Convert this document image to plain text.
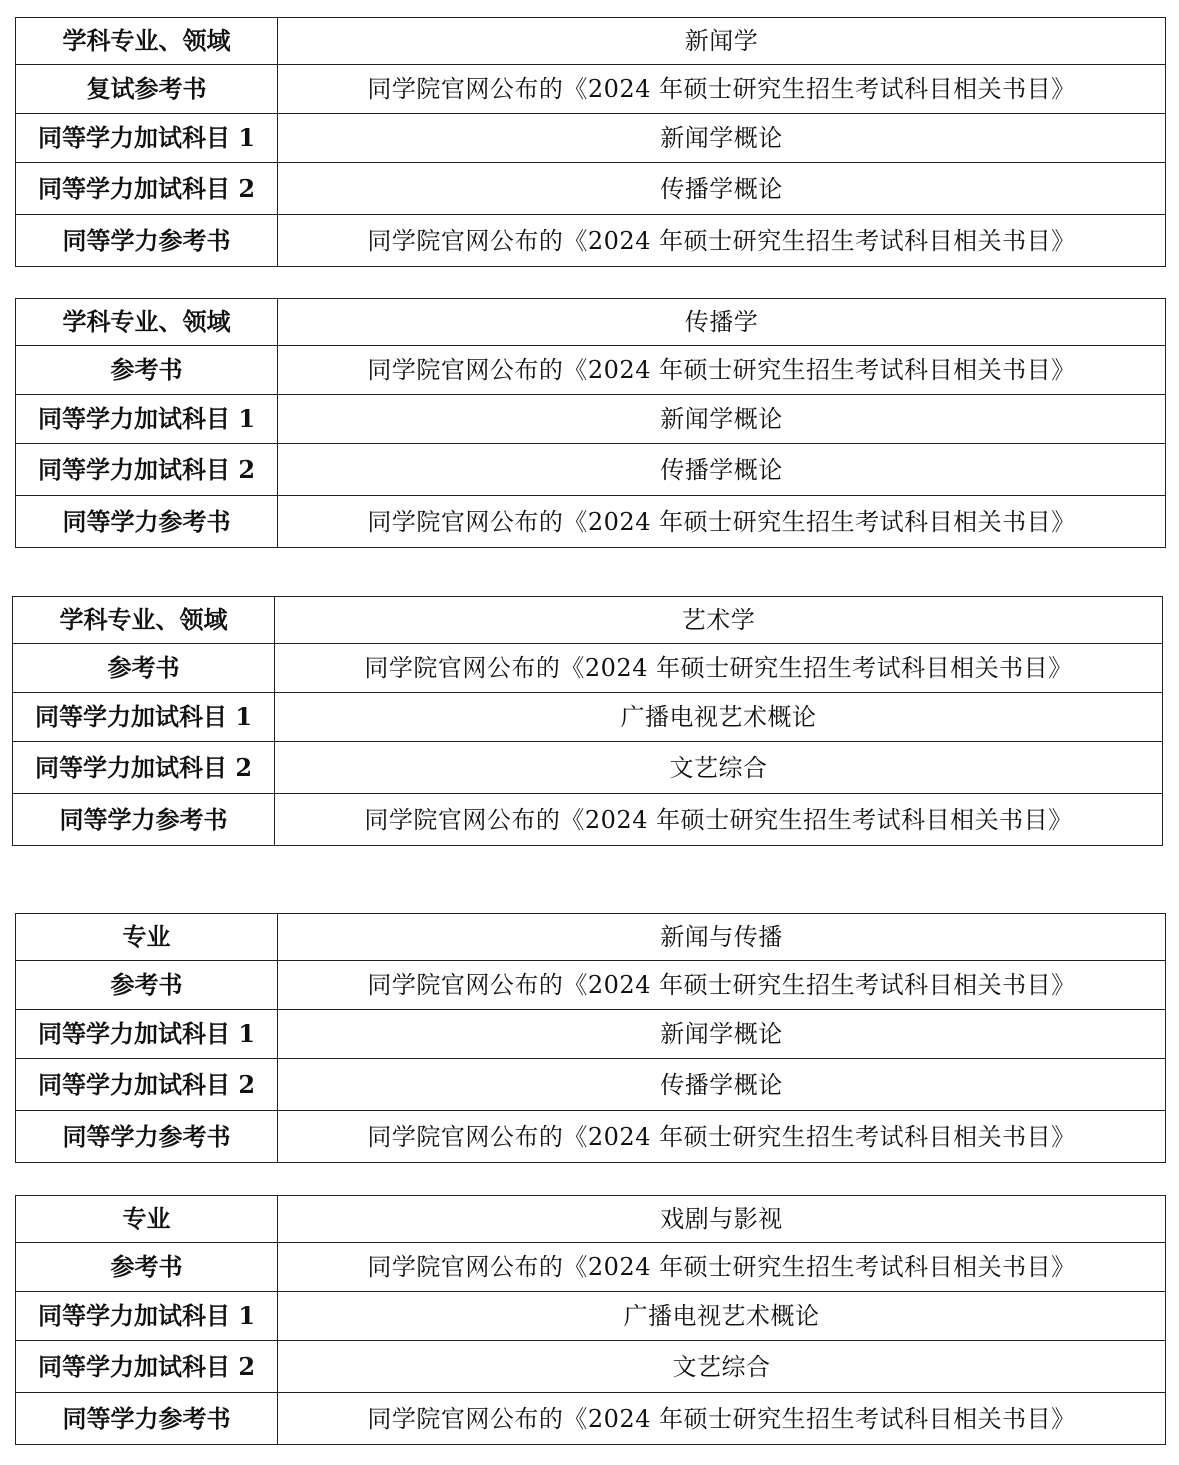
学科专业、领域	新闻学
复试参考书	同学院官网公布的《2024 年硕士研究生招生考试科目相关书目》
同等学力加试科目 1	新闻学概论
同等学力加试科目 2	传播学概论
同等学力参考书	同学院官网公布的《2024 年硕士研究生招生考试科目相关书目》
学科专业、领域	传播学
参考书	同学院官网公布的《2024 年硕士研究生招生考试科目相关书目》
同等学力加试科目 1	新闻学概论
同等学力加试科目 2	传播学概论
同等学力参考书	同学院官网公布的《2024 年硕士研究生招生考试科目相关书目》
学科专业、领域	艺术学
参考书	同学院官网公布的《2024 年硕士研究生招生考试科目相关书目》
同等学力加试科目 1	广播电视艺术概论
同等学力加试科目 2	文艺综合
同等学力参考书	同学院官网公布的《2024 年硕士研究生招生考试科目相关书目》
专业	新闻与传播
参考书	同学院官网公布的《2024 年硕士研究生招生考试科目相关书目》
同等学力加试科目 1	新闻学概论
同等学力加试科目 2	传播学概论
同等学力参考书	同学院官网公布的《2024 年硕士研究生招生考试科目相关书目》
专业	戏剧与影视
参考书	同学院官网公布的《2024 年硕士研究生招生考试科目相关书目》
同等学力加试科目 1	广播电视艺术概论
同等学力加试科目 2	文艺综合
同等学力参考书	同学院官网公布的《2024 年硕士研究生招生考试科目相关书目》
